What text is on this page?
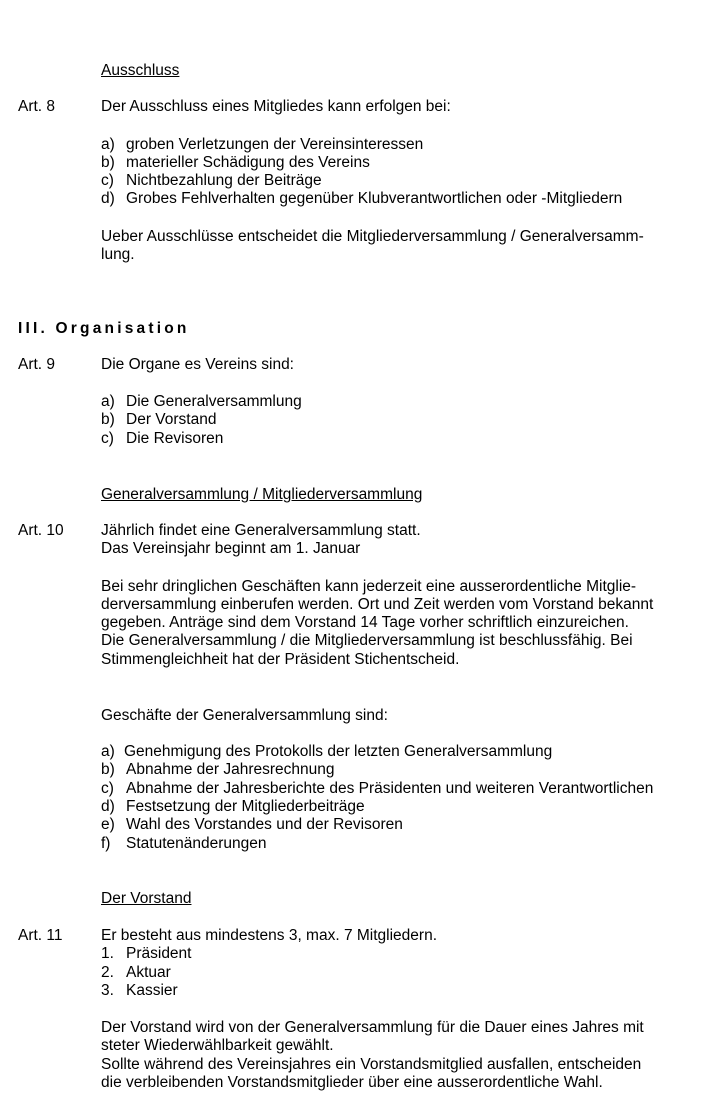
Ausschluss
Art. 8	Der Ausschluss eines Mitgliedes kann erfolgen bei:
a) groben Verletzungen der Vereinsinteressen
b) materieller Schädigung des Vereins
c) Nichtbezahlung der Beiträge
d) Grobes Fehlverhalten gegenüber Klubverantwortlichen oder -Mitgliedern
Ueber Ausschlüsse entscheidet die Mitgliederversammlung / Generalversamm-
lung.
III. Organisation
Art. 9	Die Organe es Vereins sind:
a) Die Generalversammlung
b) Der Vorstand
c) Die Revisoren
Generalversammlung / Mitgliederversammlung
Art. 10 Jährlich findet eine Generalversammlung statt.
Das Vereinsjahr beginnt am 1. Januar
Bei sehr dringlichen Geschäften kann jederzeit eine ausserordentliche Mitglie-
derversammlung einberufen werden. Ort und Zeit werden vom Vorstand bekannt
gegeben. Anträge sind dem Vorstand 14 Tage vorher schriftlich einzureichen.
Die Generalversammlung / die Mitgliederversammlung ist beschlussfähig. Bei
Stimmengleichheit hat der Präsident Stichentscheid.
Geschäfte der Generalversammlung sind:
a) Genehmigung des Protokolls der letzten Generalversammlung
b) Abnahme der Jahresrechnung
c) Abnahme der Jahresberichte des Präsidenten und weiteren Verantwortlichen
d) Festsetzung der Mitgliederbeiträge
e) Wahl des Vorstandes und der Revisoren
f) Statutenänderungen
Der Vorstand
Art. 11 Er besteht aus mindestens 3, max. 7 Mitgliedern.
1. Präsident
2. Aktuar
3. Kassier
Der Vorstand wird von der Generalversammlung für die Dauer eines Jahres mit
steter Wiederwählbarkeit gewählt.
Sollte während des Vereinsjahres ein Vorstandsmitglied ausfallen, entscheiden
die verbleibenden Vorstandsmitglieder über eine ausserordentliche Wahl.
